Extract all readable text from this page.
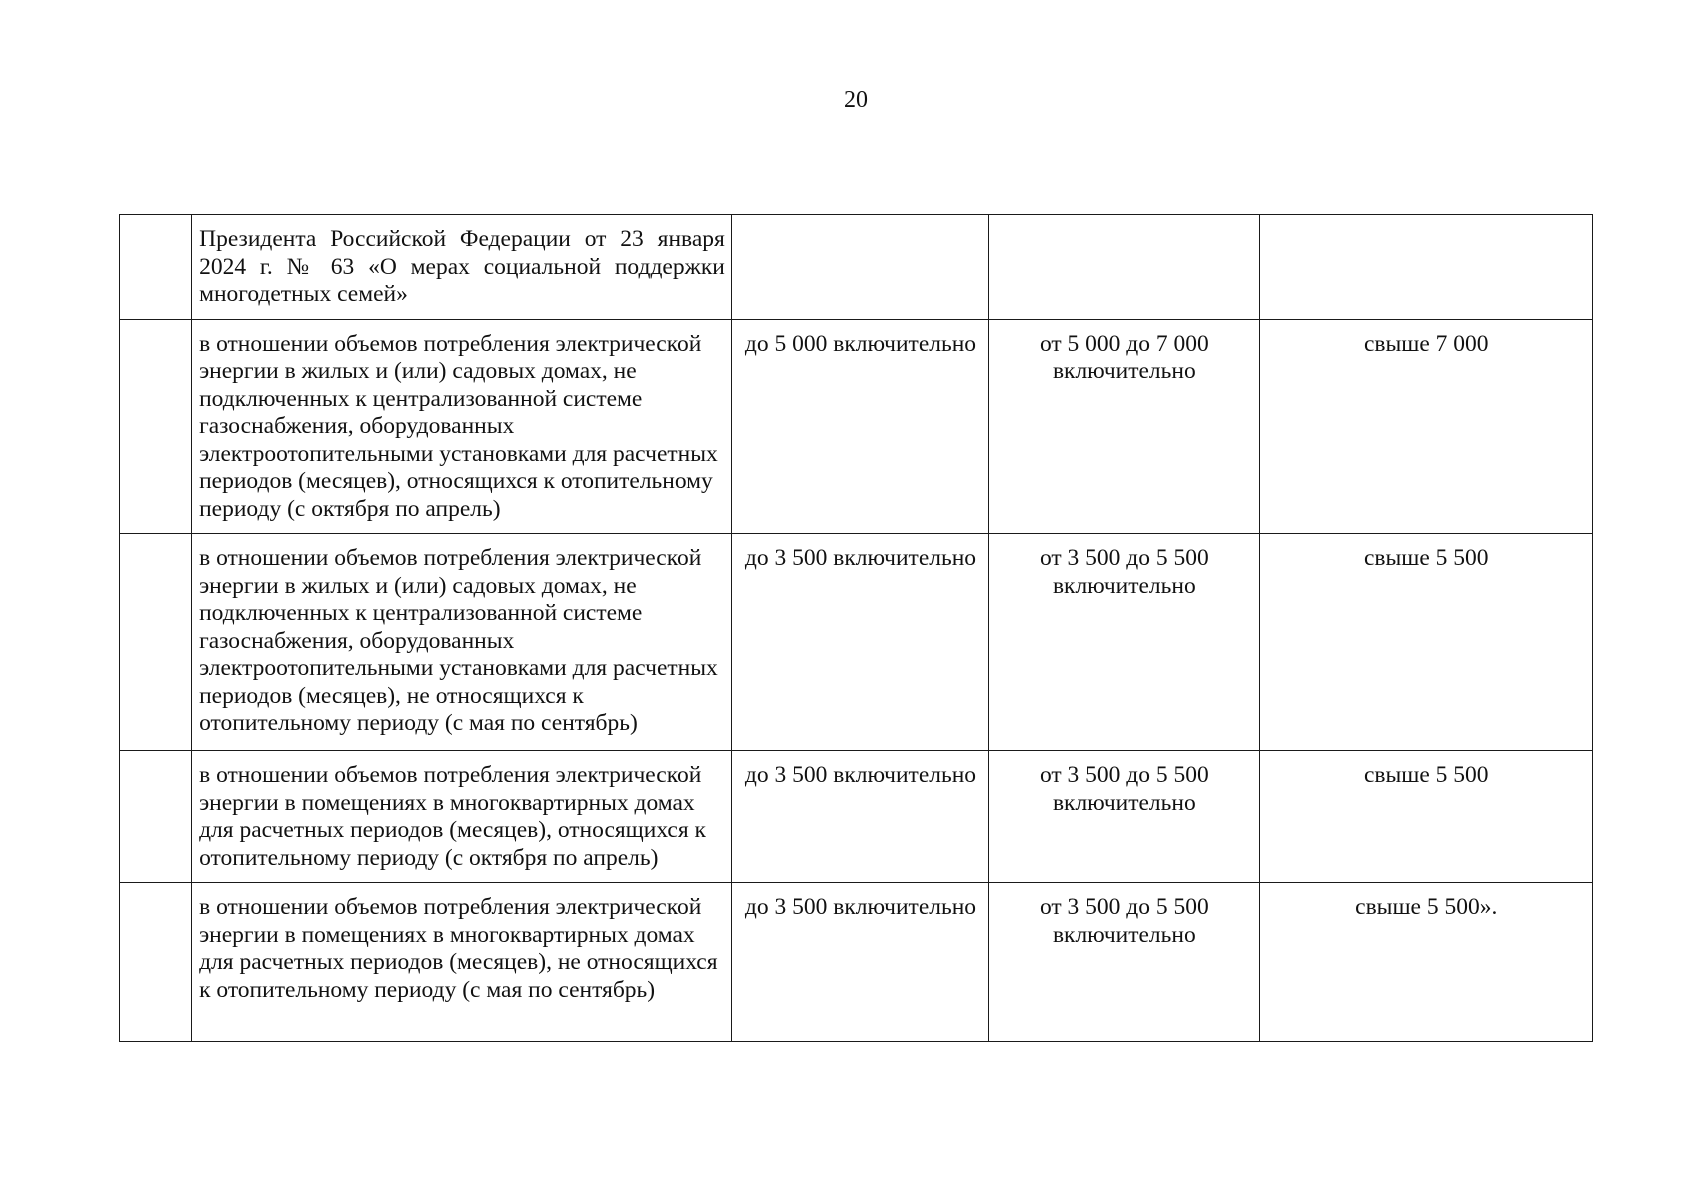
20
	Президента Российской Федерации от 23 января 2024 г. № 63 «О мерах социальной поддержки многодетных семей»			
	в отношении объемов потребления электрической энергии в жилых и (или) садовых домах, не подключенных к централизованной системе газоснабжения, оборудованных электроотопительными установками для расчетных периодов (месяцев), относящихся к отопительному периоду (с октября по апрель)	до 5 000 включительно	от 5 000 до 7 000 включительно	свыше 7 000
	в отношении объемов потребления электрической энергии в жилых и (или) садовых домах, не подключенных к централизованной системе газоснабжения, оборудованных электроотопительными установками для расчетных периодов (месяцев), не относящихся к отопительному периоду (с мая по сентябрь)	до 3 500 включительно	от 3 500 до 5 500 включительно	свыше 5 500
	в отношении объемов потребления электрической энергии в помещениях в многоквартирных домах для расчетных периодов (месяцев), относящихся к отопительному периоду (с октября по апрель)	до 3 500 включительно	от 3 500 до 5 500 включительно	свыше 5 500
	в отношении объемов потребления электрической энергии в помещениях в многоквартирных домах для расчетных периодов (месяцев), не относящихся к отопительному периоду (с мая по сентябрь)	до 3 500 включительно	от 3 500 до 5 500 включительно	свыше 5 500».
